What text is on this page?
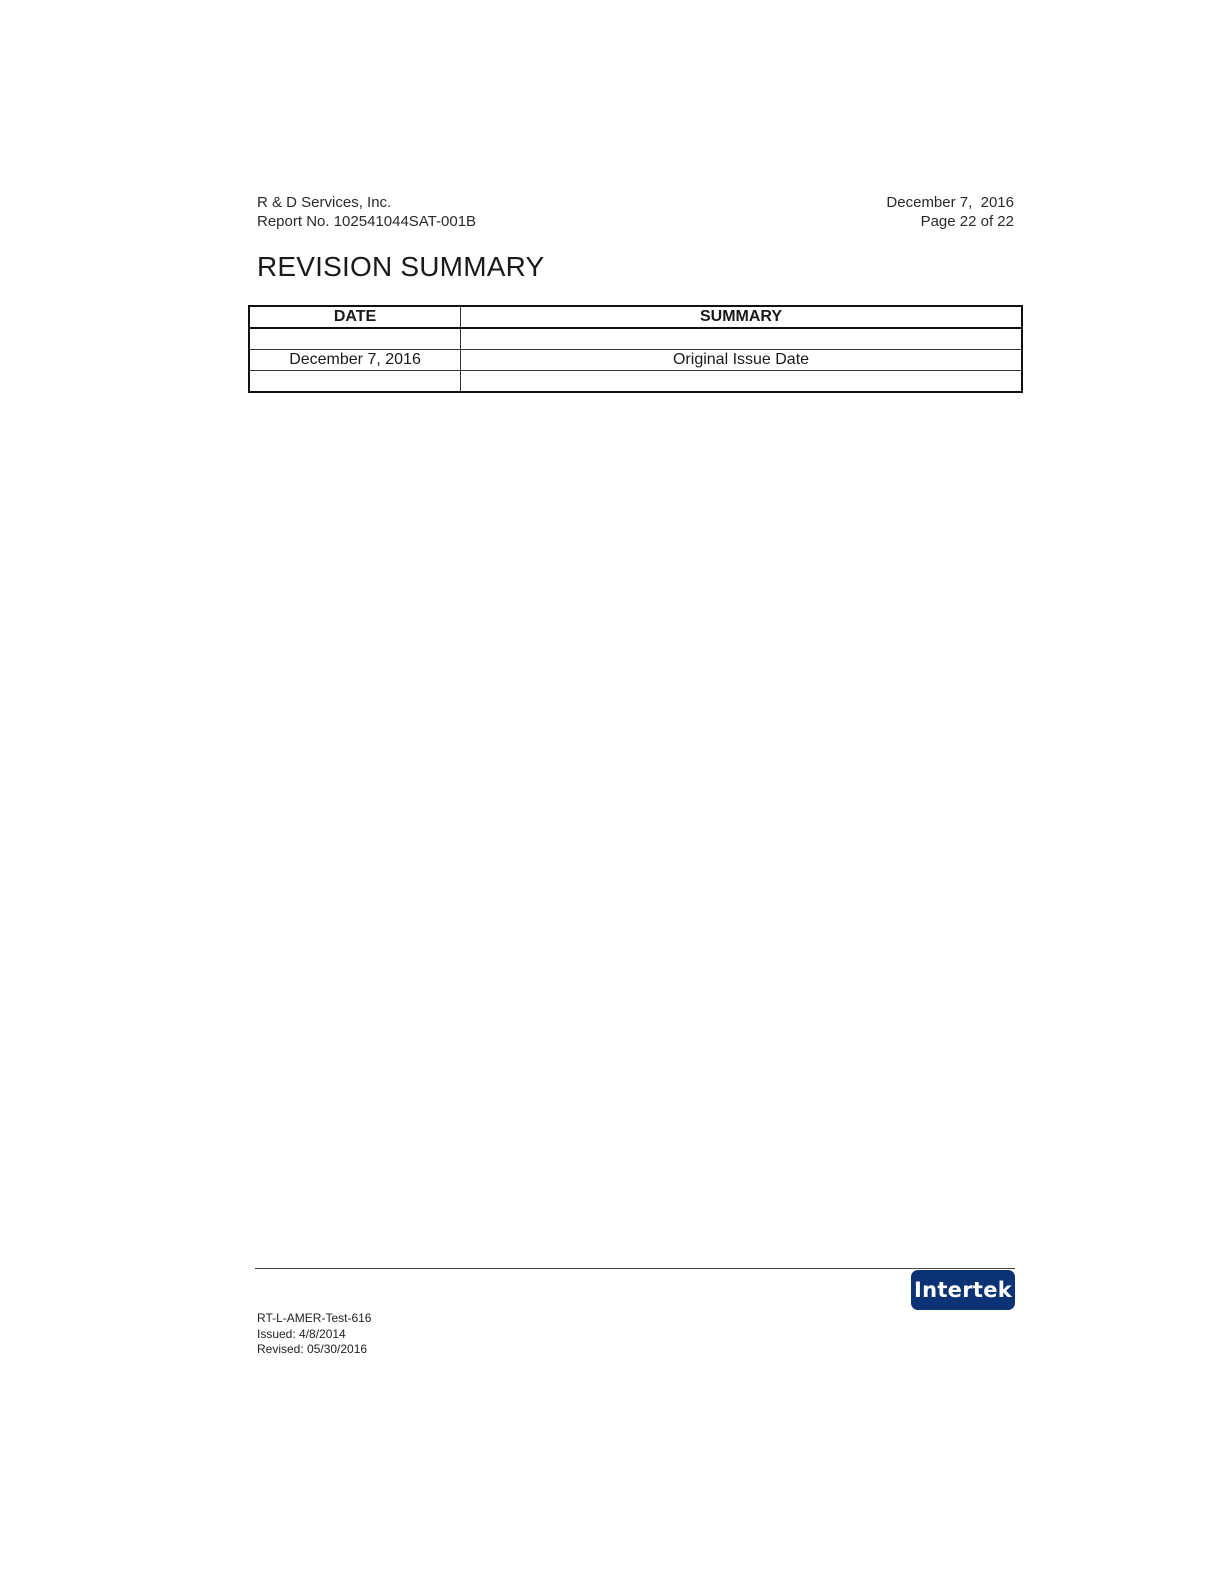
R & D Services, Inc.
Report No. 102541044SAT-001B
December 7,  2016
Page 22 of 22
REVISION SUMMARY
DATE	SUMMARY

December 7, 2016	Original Issue Date

Intertek
RT-L-AMER-Test-616
Issued: 4/8/2014
Revised: 05/30/2016
